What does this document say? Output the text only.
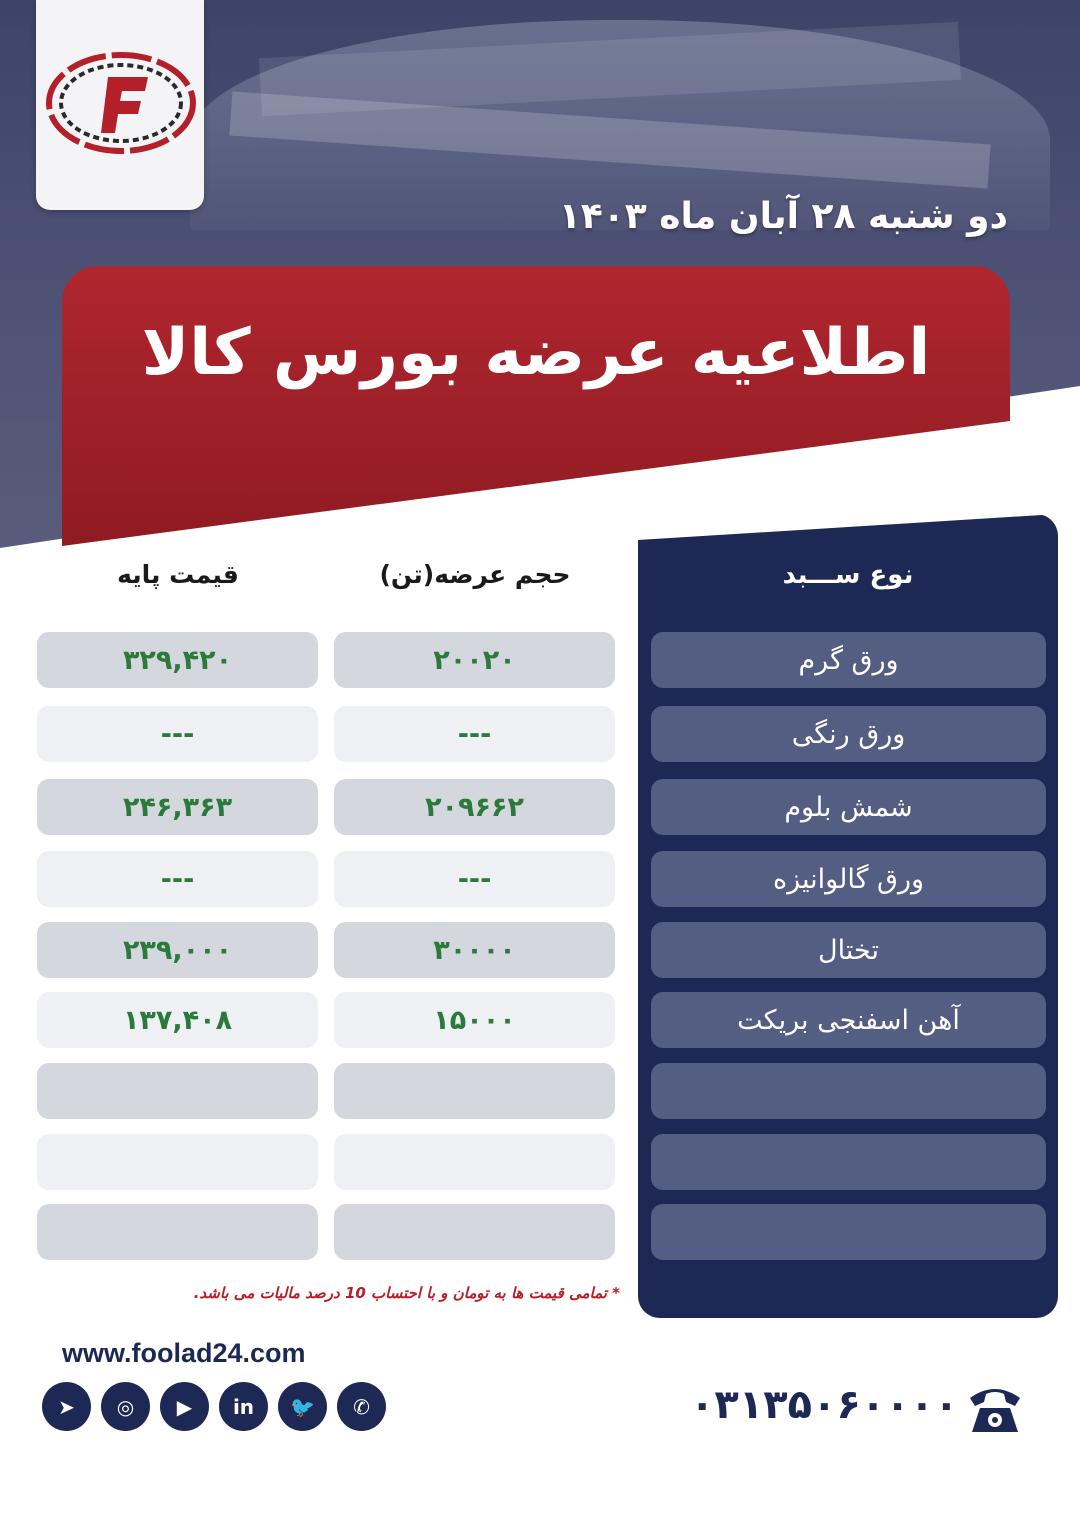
دو شنبه ۲۸ آبان ماه ۱۴۰۳
اطلاعیه عرضه بورس کالا
قیمت پایه	حجم عرضه(تن)	نوع ســـبد
۳۲۹,۴۲۰	۲۰۰۲۰	ورق گرم
---	---	ورق رنگی
۲۴۶,۳۶۳	۲۰۹۶۶۲	شمش بلوم
---	---	ورق گالوانیزه
۲۳۹,۰۰۰	۳۰۰۰۰	تختال
۱۳۷,۴۰۸	۱۵۰۰۰	آهن اسفنجی بریکت
* تمامی قیمت ها به تومان و با احتساب 10 درصد مالیات می باشد.
www.foolad24.com
➤	◎	▶	in	🐦	✆	۰۳۱۳۵۰۶۰۰۰۰
